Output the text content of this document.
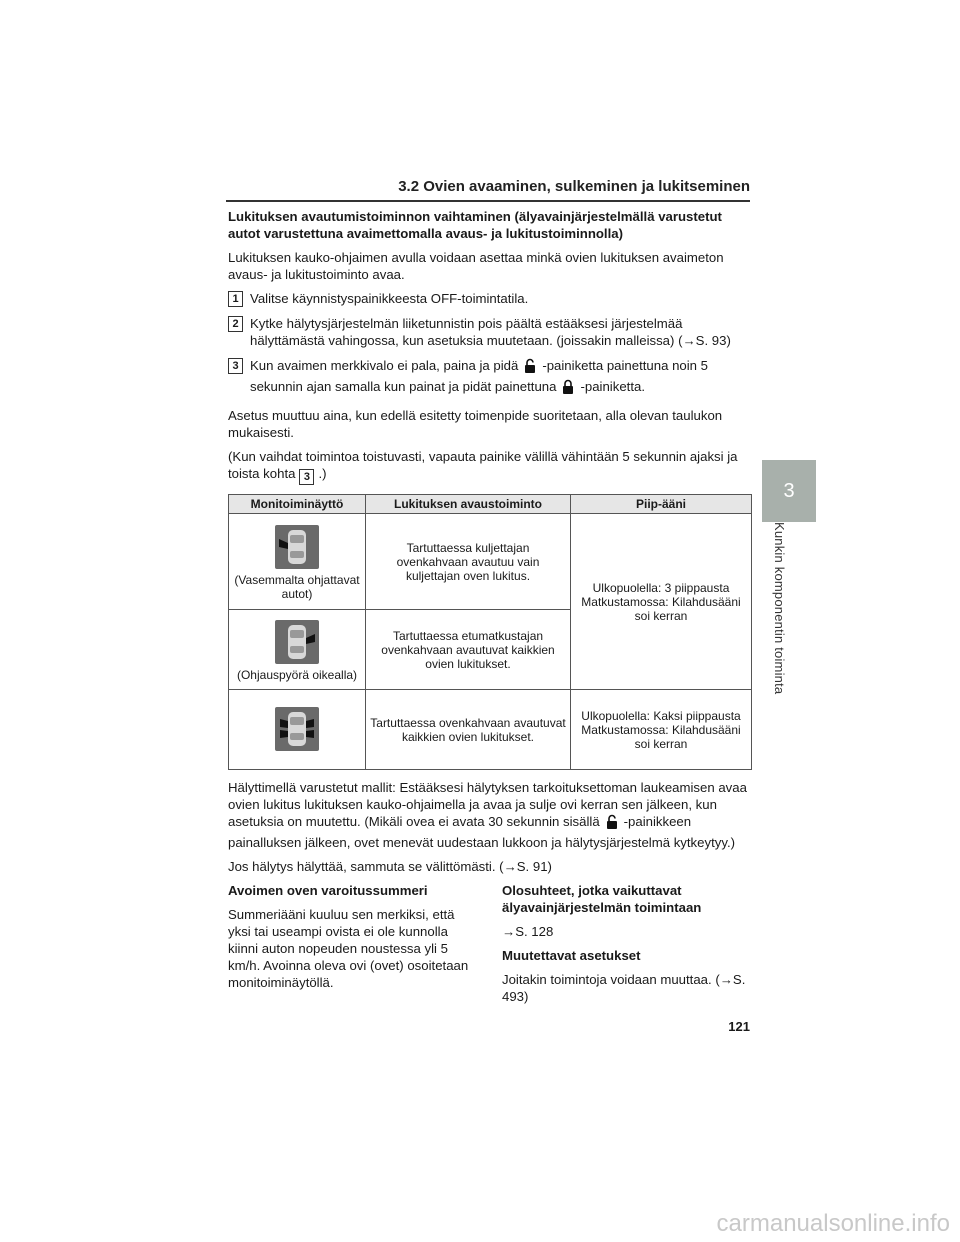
3.2 Ovien avaaminen, sulkeminen ja lukitseminen

Lukituksen avautumistoiminnon vaihtaminen (älyavainjärjestelmällä varustetut autot varustettuna avaimettomalla avaus- ja lukitustoiminnolla)

Lukituksen kauko-ohjaimen avulla voidaan asettaa minkä ovien lukituksen avaimeton avaus- ja lukitustoiminto avaa.

1 Valitse käynnistyspainikkeesta OFF-toimintatila.
2 Kytke hälytysjärjestelmän liiketunnistin pois päältä estääksesi järjestelmää hälyttämästä vahingossa, kun asetuksia muutetaan. (joissakin malleissa) (→S. 93)
3 Kun avaimen merkkivalo ei pala, paina ja pidä -painiketta painettuna noin 5 sekunnin ajan samalla kun painat ja pidät painettuna -painiketta.

Asetus muuttuu aina, kun edellä esitetty toimenpide suoritetaan, alla olevan taulukon mukaisesti.

(Kun vaihdat toimintoa toistuvasti, vapauta painike välillä vähintään 5 sekunnin ajaksi ja toista kohta 3 .)

Monitoiminäyttö	Lukituksen avaustoiminto	Piip-ääni

(Vasemmalta ohjattavat autot)	Tartuttaessa kuljettajan ovenkahvaan avautuu vain kuljettajan oven lukitus.	Ulkopuolella: 3 piippausta
Matkustamossa: Kilahdusääni soi kerran

(Ohjauspyörä oikealla)	Tartuttaessa etumatkustajan ovenkahvaan avautuvat kaikkien ovien lukitukset.	

	Tartuttaessa ovenkahvaan avautuvat kaikkien ovien lukitukset.	Ulkopuolella: Kaksi piippausta
Matkustamossa: Kilahdusääni soi kerran

Hälyttimellä varustetut mallit: Estääksesi hälytyksen tarkoituksettoman laukeamisen avaa ovien lukitus lukituksen kauko-ohjaimella ja avaa ja sulje ovi kerran sen jälkeen, kun asetuksia on muutettu. (Mikäli ovea ei avata 30 sekunnin sisällä -painikkeen painalluksen jälkeen, ovet menevät uudestaan lukkoon ja hälytysjärjestelmä kytkeytyy.)

Jos hälytys hälyttää, sammuta se välittömästi. (→S. 91)

Avoimen oven varoitussummeri

Summeriääni kuuluu sen merkiksi, että yksi tai useampi ovista ei ole kunnolla kiinni auton nopeuden noustessa yli 5 km/h. Avoinna oleva ovi (ovet) osoitetaan monitoiminäytöllä.

Olosuhteet, jotka vaikuttavat älyavainjärjestelmän toimintaan

→S. 128

Muutettavat asetukset

Joitakin toimintoja voidaan muuttaa. (→S. 493)

3
Kunkin komponentin toiminta
121
carmanualsonline.info
